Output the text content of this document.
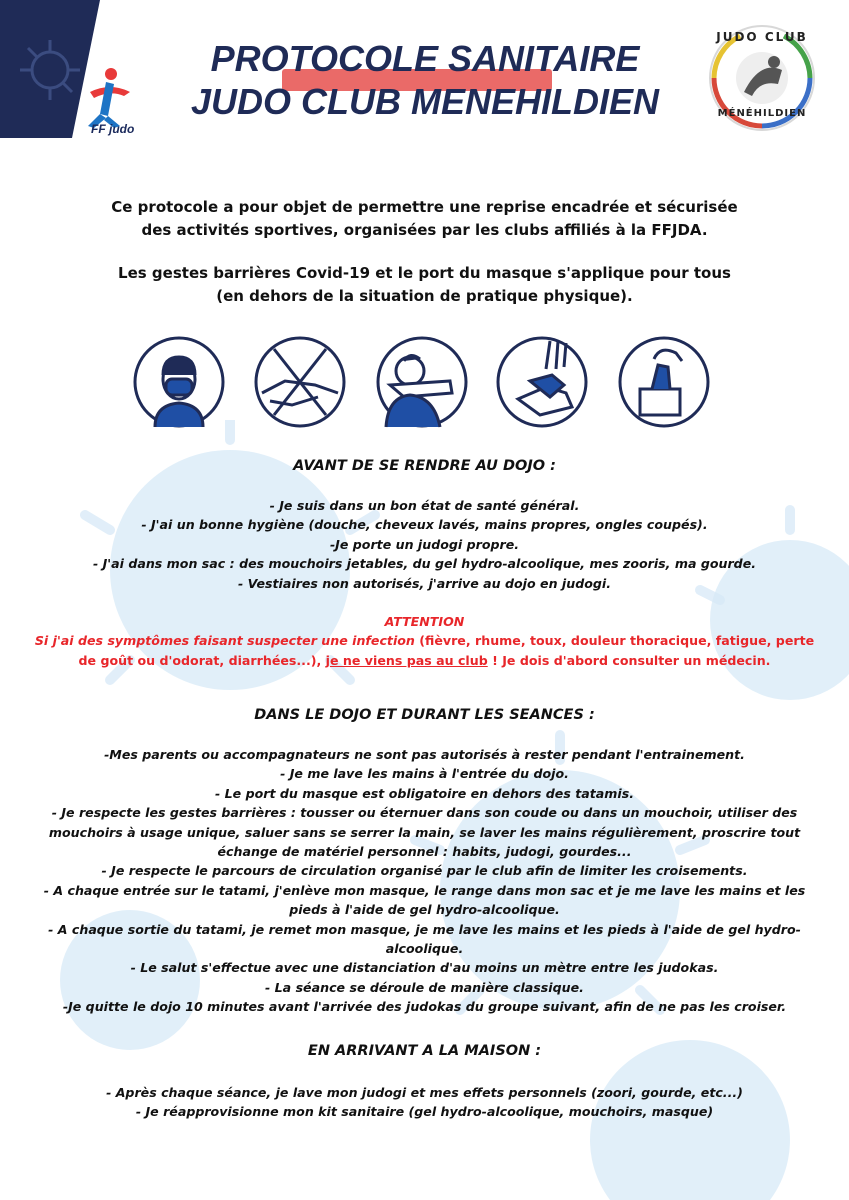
FF judo
PROTOCOLE SANITAIRE
JUDO CLUB MENEHILDIEN
JUDO CLUB
MÉNÉHILDIEN
Ce protocole a pour objet de permettre une reprise encadrée et sécurisée
des activités sportives, organisées par les clubs affiliés à la FFJDA.
Les gestes barrières Covid-19 et le port du masque s'applique pour tous
(en dehors de la situation de pratique physique).
AVANT DE SE RENDRE AU DOJO :
- Je suis dans un bon état de santé général.
- J'ai un bonne hygiène (douche, cheveux lavés, mains propres, ongles coupés).
-Je porte un judogi propre.
- J'ai dans mon sac : des mouchoirs jetables, du gel hydro-alcoolique, mes zooris, ma gourde.
- Vestiaires non autorisés, j'arrive au dojo en judogi.
ATTENTION
Si j'ai des symptômes faisant suspecter une infection (fièvre, rhume, toux, douleur thoracique, fatigue, perte
de goût ou d'odorat, diarrhées...), je ne viens pas au club ! Je dois d'abord consulter un médecin.
DANS LE DOJO ET DURANT LES SEANCES :
-Mes parents ou accompagnateurs ne sont pas autorisés à rester pendant l'entrainement.
- Je me lave les mains à l'entrée du dojo.
- Le port du masque est obligatoire en dehors des tatamis.
- Je respecte les gestes barrières : tousser ou éternuer dans son coude ou dans un mouchoir, utiliser des
mouchoirs à usage unique, saluer sans se serrer la main, se laver les mains régulièrement, proscrire tout
échange de matériel personnel : habits, judogi, gourdes...
- Je respecte le parcours de circulation organisé par le club afin de limiter les croisements.
- A chaque entrée sur le tatami, j'enlève mon masque, le range dans mon sac et je me lave les mains et les
pieds à l'aide de gel hydro-alcoolique.
- A chaque sortie du tatami, je remet mon masque, je me lave les mains et les pieds à l'aide de gel hydro-
alcoolique.
- Le salut s'effectue avec une distanciation d'au moins un mètre entre les judokas.
- La séance se déroule de manière classique.
-Je quitte le dojo 10 minutes avant l'arrivée des judokas du groupe suivant, afin de ne pas les croiser.
EN ARRIVANT A LA MAISON :
- Après chaque séance, je lave mon judogi et mes effets personnels (zoori, gourde, etc...)
- Je réapprovisionne mon kit sanitaire (gel hydro-alcoolique, mouchoirs, masque)
